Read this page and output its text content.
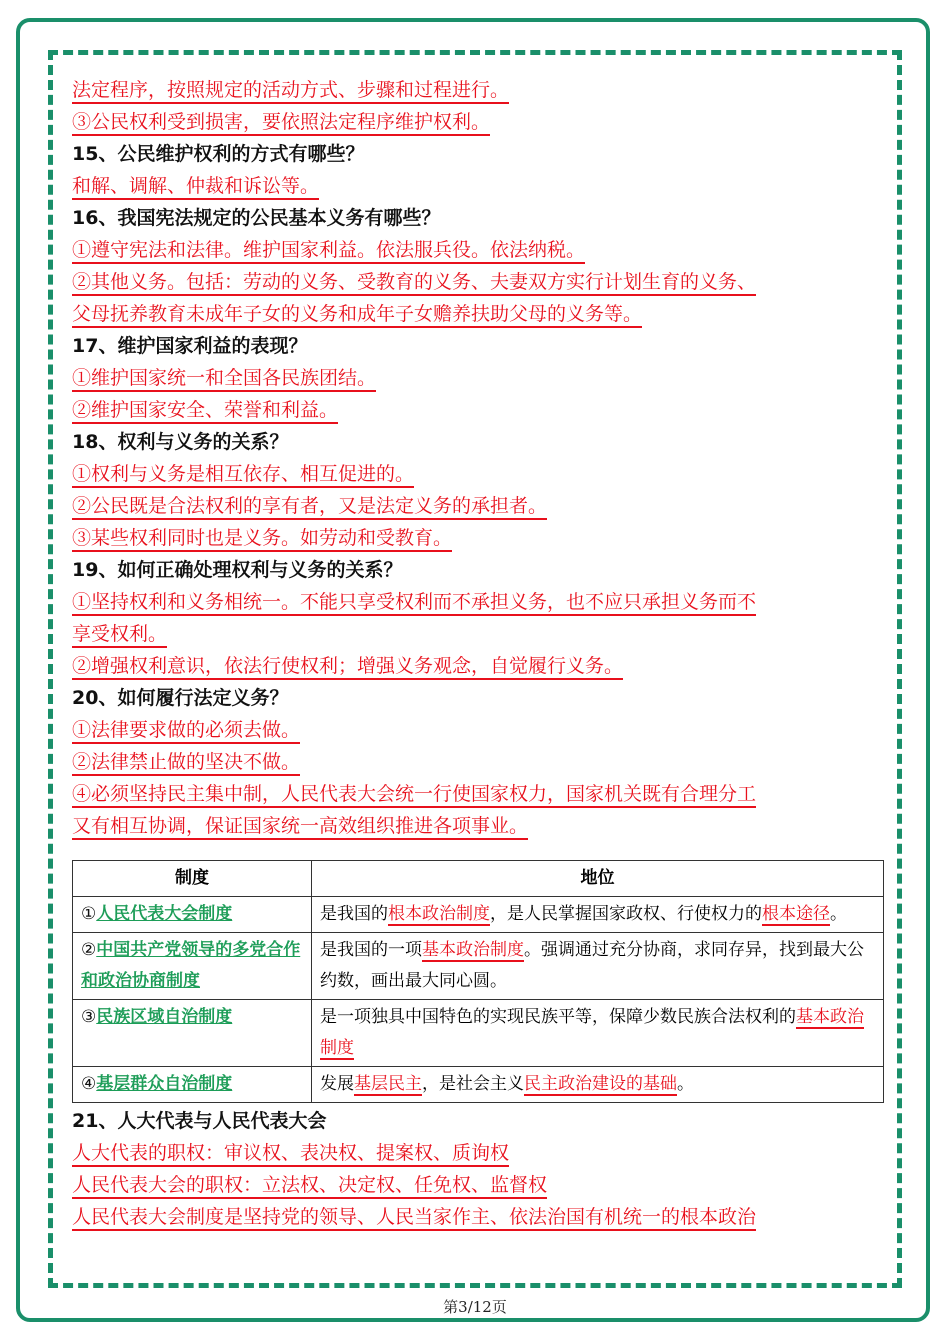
法定程序，按照规定的活动方式、步骤和过程进行。
③公民权利受到损害，要依照法定程序维护权利。
15、公民维护权利的方式有哪些？
和解、调解、仲裁和诉讼等。
16、我国宪法规定的公民基本义务有哪些？
①遵守宪法和法律。维护国家利益。依法服兵役。依法纳税。
②其他义务。包括：劳动的义务、受教育的义务、夫妻双方实行计划生育的义务、
父母抚养教育未成年子女的义务和成年子女赡养扶助父母的义务等。
17、维护国家利益的表现？
①维护国家统一和全国各民族团结。
②维护国家安全、荣誉和利益。
18、权利与义务的关系？
①权利与义务是相互依存、相互促进的。
②公民既是合法权利的享有者，又是法定义务的承担者。
③某些权利同时也是义务。如劳动和受教育。
19、如何正确处理权利与义务的关系？
①坚持权利和义务相统一。不能只享受权利而不承担义务，也不应只承担义务而不
享受权利。
②增强权利意识，依法行使权利；增强义务观念，自觉履行义务。
20、如何履行法定义务？
①法律要求做的必须去做。
②法律禁止做的坚决不做。
④必须坚持民主集中制，人民代表大会统一行使国家权力，国家机关既有合理分工
又有相互协调，保证国家统一高效组织推进各项事业。
制度	地位
①人民代表大会制度	是我国的根本政治制度，是人民掌握国家政权、行使权力的根本途径。
②中国共产党领导的多党合作和政治协商制度	是我国的一项基本政治制度。强调通过充分协商，求同存异，找到最大公约数，画出最大同心圆。
③民族区域自治制度	是一项独具中国特色的实现民族平等，保障少数民族合法权利的基本政治制度
④基层群众自治制度	发展基层民主，是社会主义民主政治建设的基础。
21、人大代表与人民代表大会
人大代表的职权：审议权、表决权、提案权、质询权
人民代表大会的职权：立法权、决定权、任免权、监督权
人民代表大会制度是坚持党的领导、人民当家作主、依法治国有机统一的根本政治
第3/12页
